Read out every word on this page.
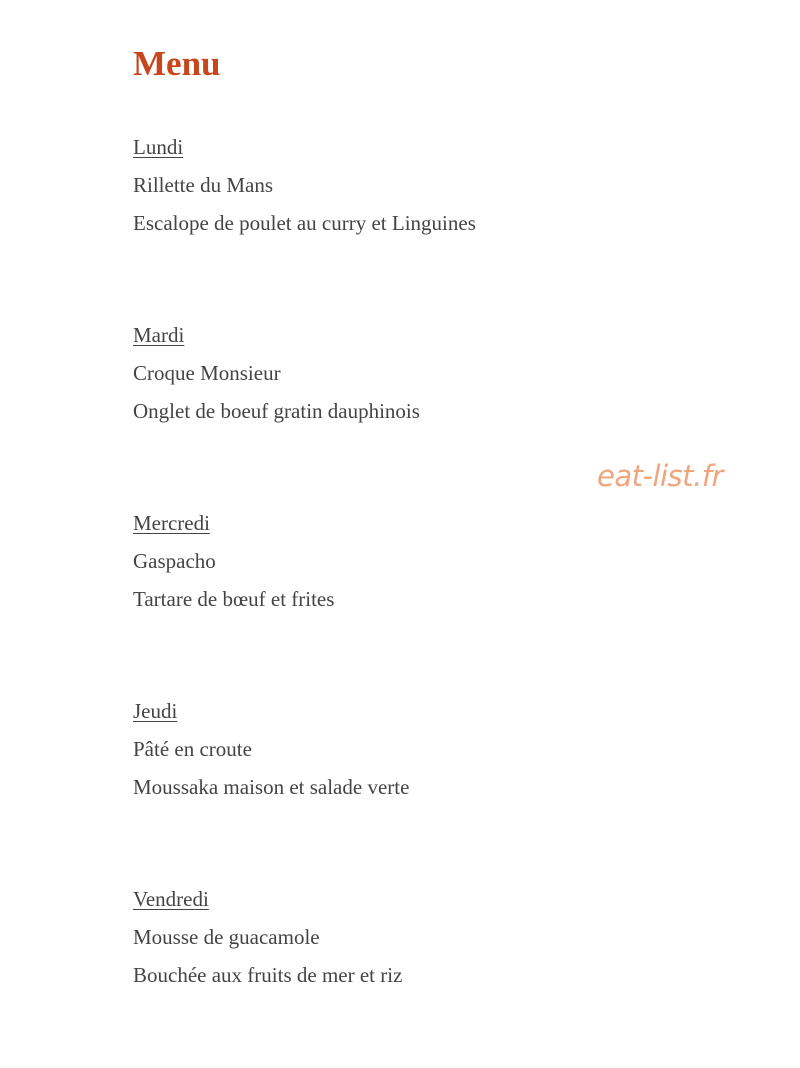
Menu
Lundi
Rillette du Mans
Escalope de poulet au curry et Linguines
Mardi
Croque Monsieur
Onglet de boeuf gratin dauphinois
Mercredi
Gaspacho
Tartare de bœuf et frites
Jeudi
Pâté en croute
Moussaka maison et salade verte
Vendredi
Mousse de guacamole
Bouchée aux fruits de mer et riz
eat-list.fr
